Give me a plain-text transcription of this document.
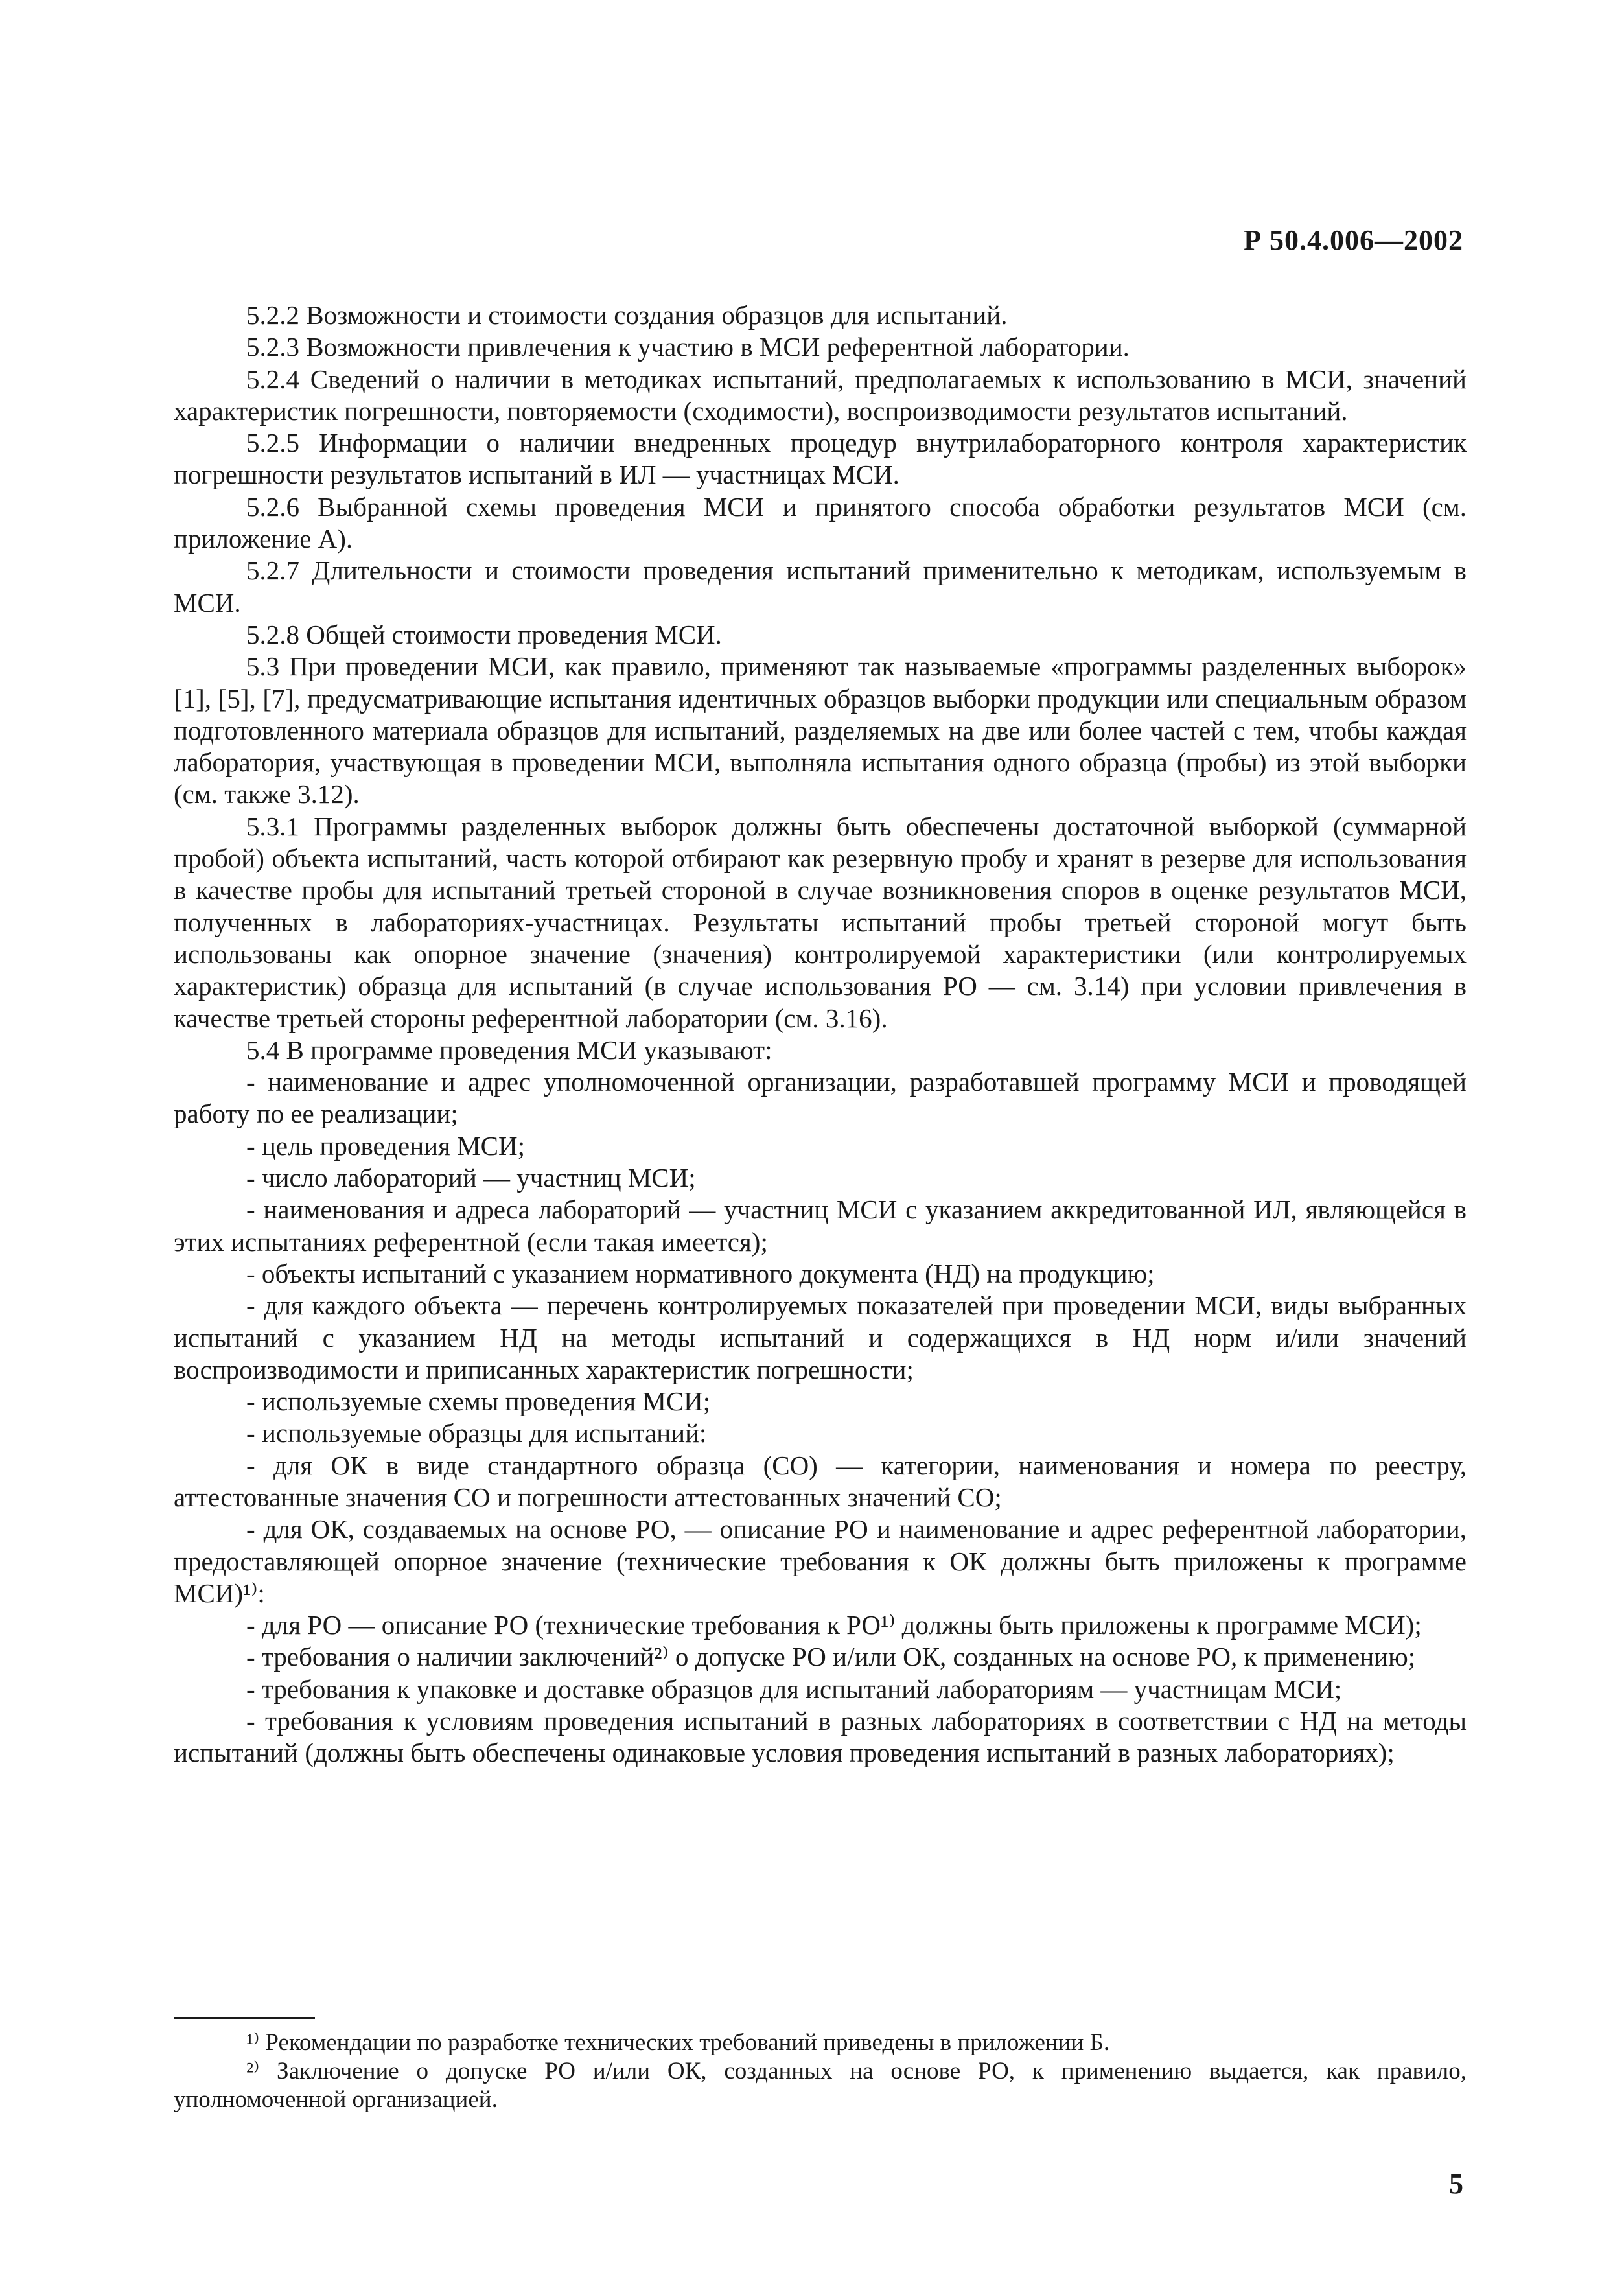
Р 50.4.006—2002

5.2.2 Возможности и стоимости создания образцов для испытаний.

5.2.3 Возможности привлечения к участию в МСИ референтной лаборатории.

5.2.4 Сведений о наличии в методиках испытаний, предполагаемых к использованию в МСИ, значений характеристик погрешности, повторяемости (сходимости), воспроизводимости результатов испытаний.

5.2.5 Информации о наличии внедренных процедур внутрилабораторного контроля характеристик погрешности результатов испытаний в ИЛ — участницах МСИ.

5.2.6 Выбранной схемы проведения МСИ и принятого способа обработки результатов МСИ (см. приложение А).

5.2.7 Длительности и стоимости проведения испытаний применительно к методикам, используемым в МСИ.

5.2.8 Общей стоимости проведения МСИ.

5.3 При проведении МСИ, как правило, применяют так называемые «программы разделенных выборок» [1], [5], [7], предусматривающие испытания идентичных образцов выборки продукции или специальным образом подготовленного материала образцов для испытаний, разделяемых на две или более частей с тем, чтобы каждая лаборатория, участвующая в проведении МСИ, выполняла испытания одного образца (пробы) из этой выборки (см. также 3.12).

5.3.1 Программы разделенных выборок должны быть обеспечены достаточной выборкой (суммарной пробой) объекта испытаний, часть которой отбирают как резервную пробу и хранят в резерве для использования в качестве пробы для испытаний третьей стороной в случае возникновения споров в оценке результатов МСИ, полученных в лабораториях-участницах. Результаты испытаний пробы третьей стороной могут быть использованы как опорное значение (значения) контролируемой характеристики (или контролируемых характеристик) образца для испытаний (в случае использования РО — см. 3.14) при условии привлечения в качестве третьей стороны референтной лаборатории (см. 3.16).

5.4 В программе проведения МСИ указывают:

- наименование и адрес уполномоченной организации, разработавшей программу МСИ и проводящей работу по ее реализации;

- цель проведения МСИ;

- число лабораторий — участниц МСИ;

- наименования и адреса лабораторий — участниц МСИ с указанием аккредитованной ИЛ, являющейся в этих испытаниях референтной (если такая имеется);

- объекты испытаний с указанием нормативного документа (НД) на продукцию;

- для каждого объекта — перечень контролируемых показателей при проведении МСИ, виды выбранных испытаний с указанием НД на методы испытаний и содержащихся в НД норм и/или значений воспроизводимости и приписанных характеристик погрешности;

- используемые схемы проведения МСИ;

- используемые образцы для испытаний:

- для ОК в виде стандартного образца (СО) — категории, наименования и номера по реестру, аттестованные значения СО и погрешности аттестованных значений СО;

- для ОК, создаваемых на основе РО, — описание РО и наименование и адрес референтной лаборатории, предоставляющей опорное значение (технические требования к ОК должны быть приложены к программе МСИ)¹⁾:

- для РО — описание РО (технические требования к РО¹⁾ должны быть приложены к программе МСИ);

- требования о наличии заключений²⁾ о допуске РО и/или ОК, созданных на основе РО, к применению;

- требования к упаковке и доставке образцов для испытаний лабораториям — участницам МСИ;

- требования к условиям проведения испытаний в разных лабораториях в соответствии с НД на методы испытаний (должны быть обеспечены одинаковые условия проведения испытаний в разных лабораториях);

¹⁾ Рекомендации по разработке технических требований приведены в приложении Б.

²⁾ Заключение о допуске РО и/или ОК, созданных на основе РО, к применению выдается, как правило, уполномоченной организацией.

5
